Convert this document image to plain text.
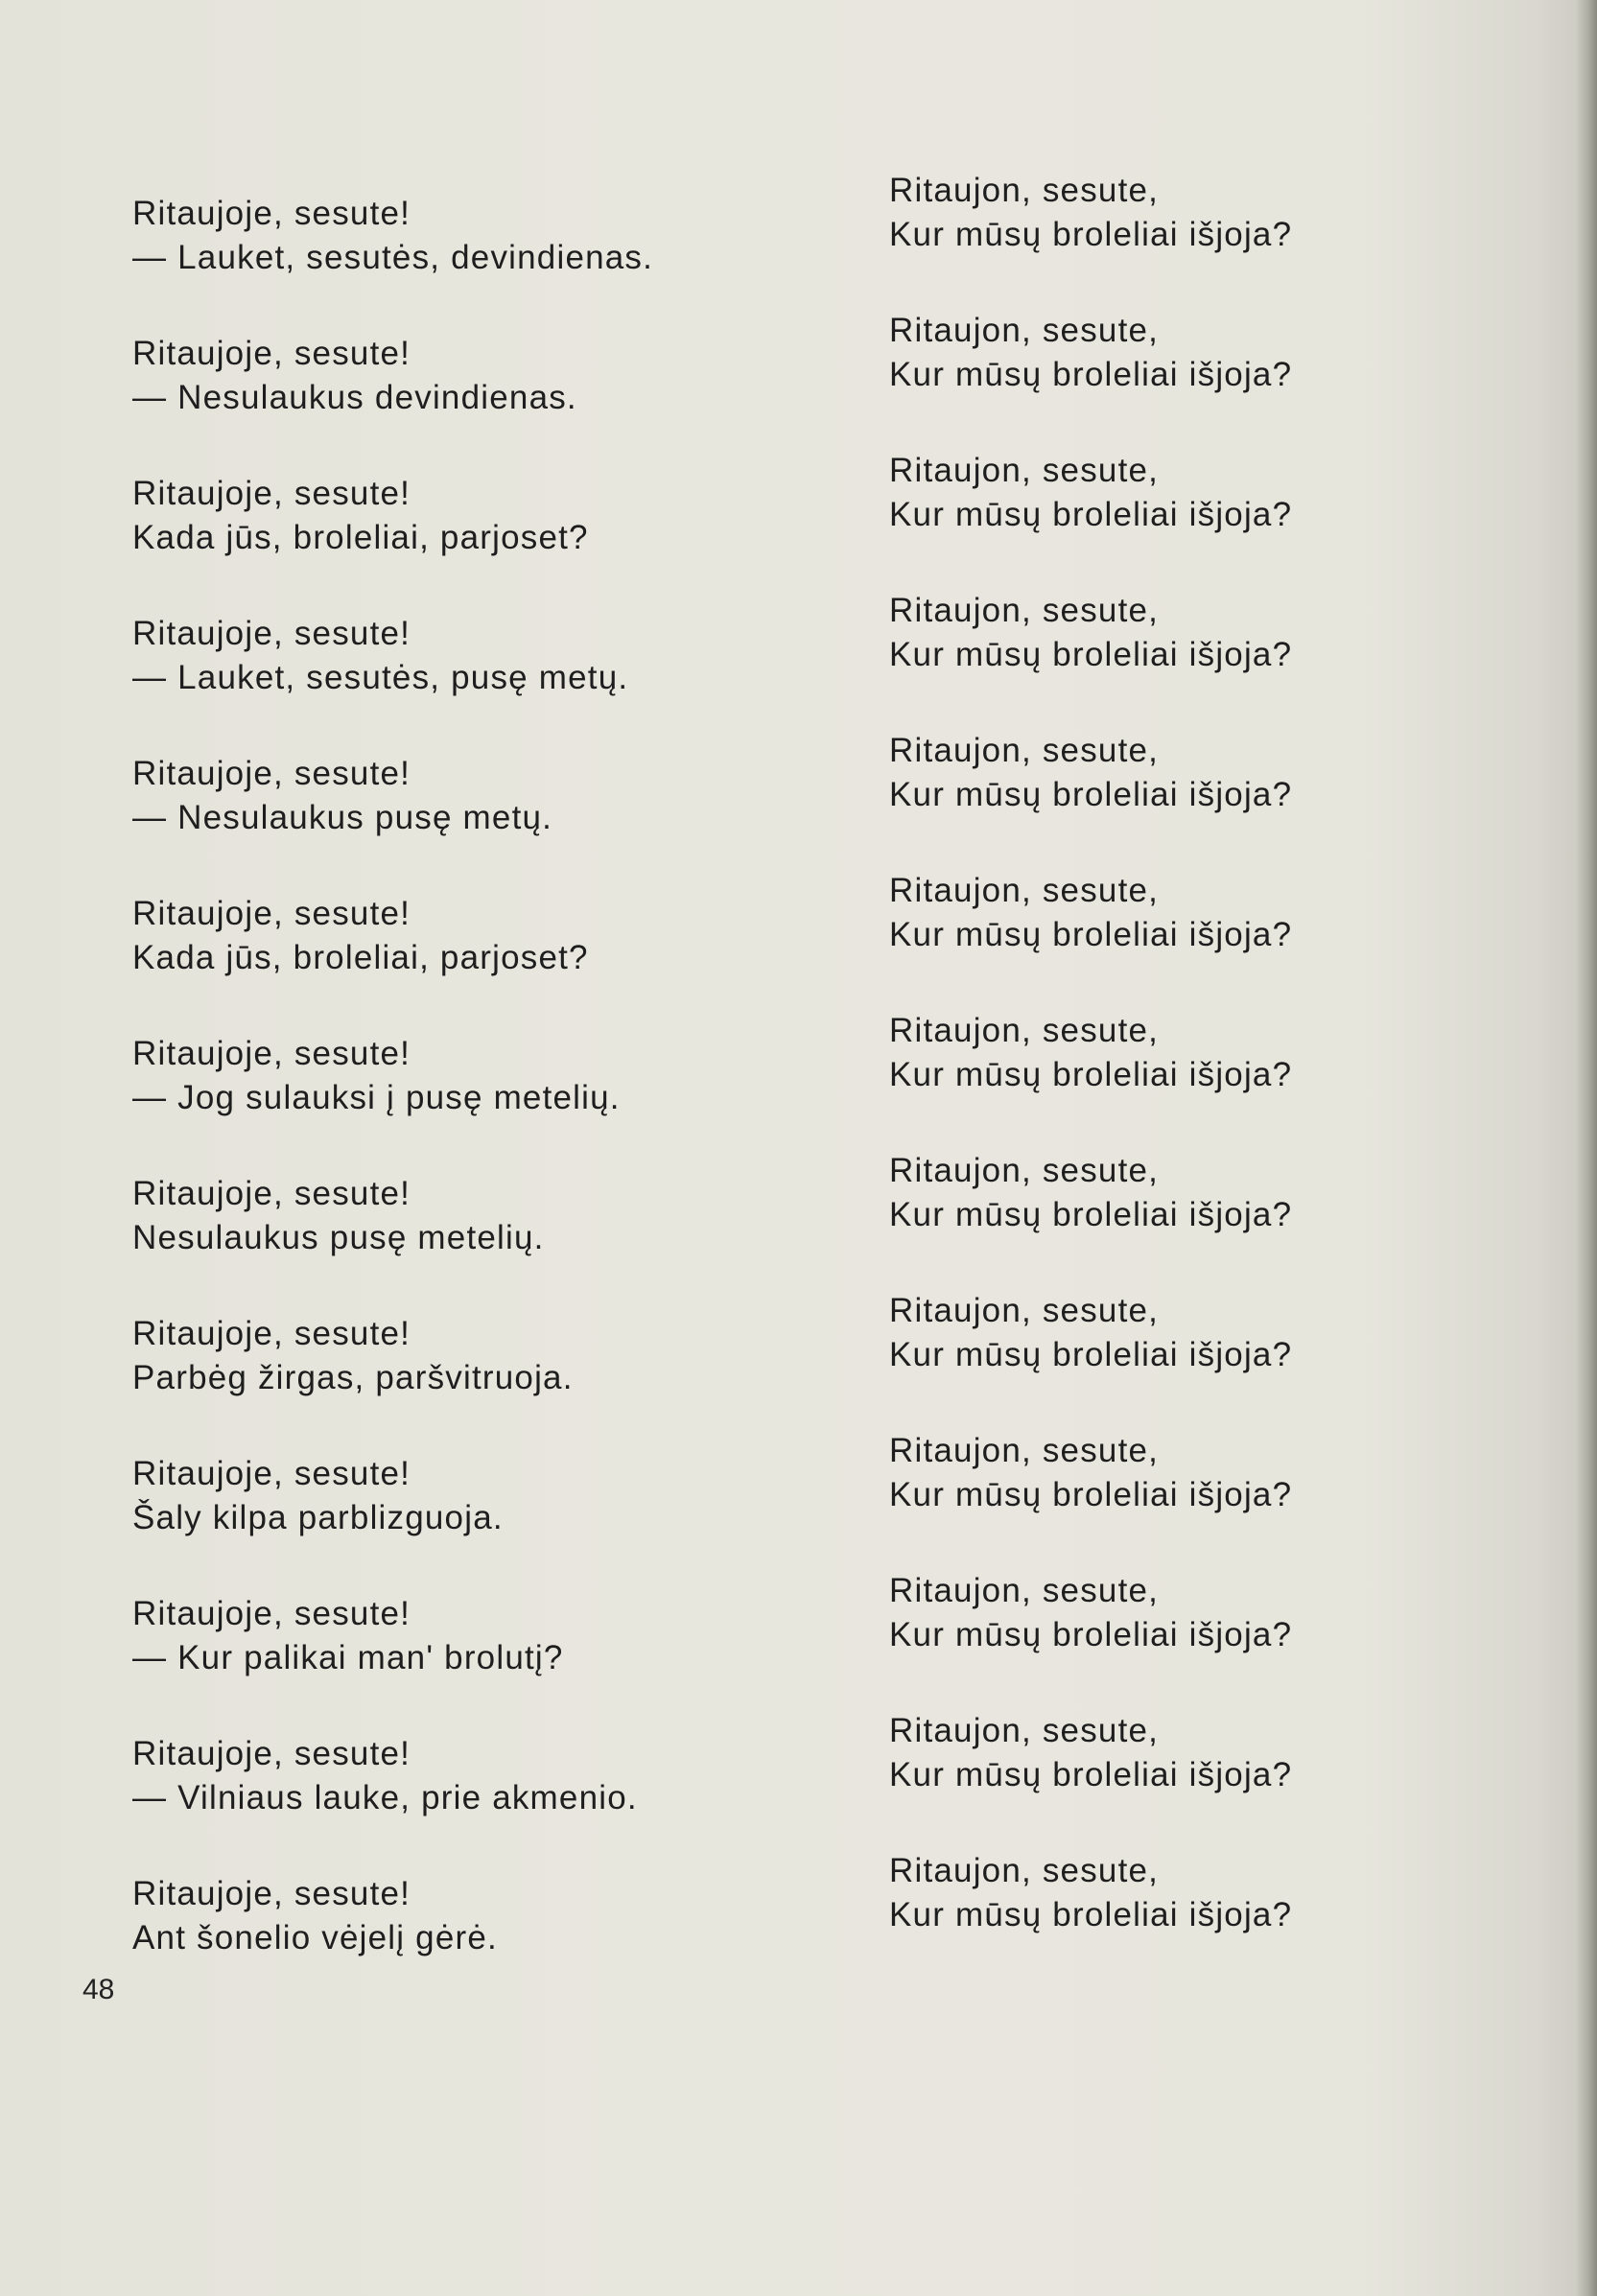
Ritaujoje, sesute!
— Lauket, sesutės, devindienas.
Ritaujoje, sesute!
— Nesulaukus devindienas.
Ritaujoje, sesute!
Kada jūs, broleliai, parjoset?
Ritaujoje, sesute!
— Lauket, sesutės, pusę metų.
Ritaujoje, sesute!
— Nesulaukus pusę metų.
Ritaujoje, sesute!
Kada jūs, broleliai, parjoset?
Ritaujoje, sesute!
— Jog sulauksi į pusę metelių.
Ritaujoje, sesute!
Nesulaukus pusę metelių.
Ritaujoje, sesute!
Parbėg žirgas, paršvitruoja.
Ritaujoje, sesute!
Šaly kilpa parblizguoja.
Ritaujoje, sesute!
— Kur palikai man' brolutį?
Ritaujoje, sesute!
— Vilniaus lauke, prie akmenio.
Ritaujoje, sesute!
Ant šonelio vėjelį gėrė.
Ritaujon, sesute,
Kur mūsų broleliai išjoja?
Ritaujon, sesute,
Kur mūsų broleliai išjoja?
Ritaujon, sesute,
Kur mūsų broleliai išjoja?
Ritaujon, sesute,
Kur mūsų broleliai išjoja?
Ritaujon, sesute,
Kur mūsų broleliai išjoja?
Ritaujon, sesute,
Kur mūsų broleliai išjoja?
Ritaujon, sesute,
Kur mūsų broleliai išjoja?
Ritaujon, sesute,
Kur mūsų broleliai išjoja?
Ritaujon, sesute,
Kur mūsų broleliai išjoja?
Ritaujon, sesute,
Kur mūsų broleliai išjoja?
Ritaujon, sesute,
Kur mūsų broleliai išjoja?
Ritaujon, sesute,
Kur mūsų broleliai išjoja?
Ritaujon, sesute,
Kur mūsų broleliai išjoja?
48
